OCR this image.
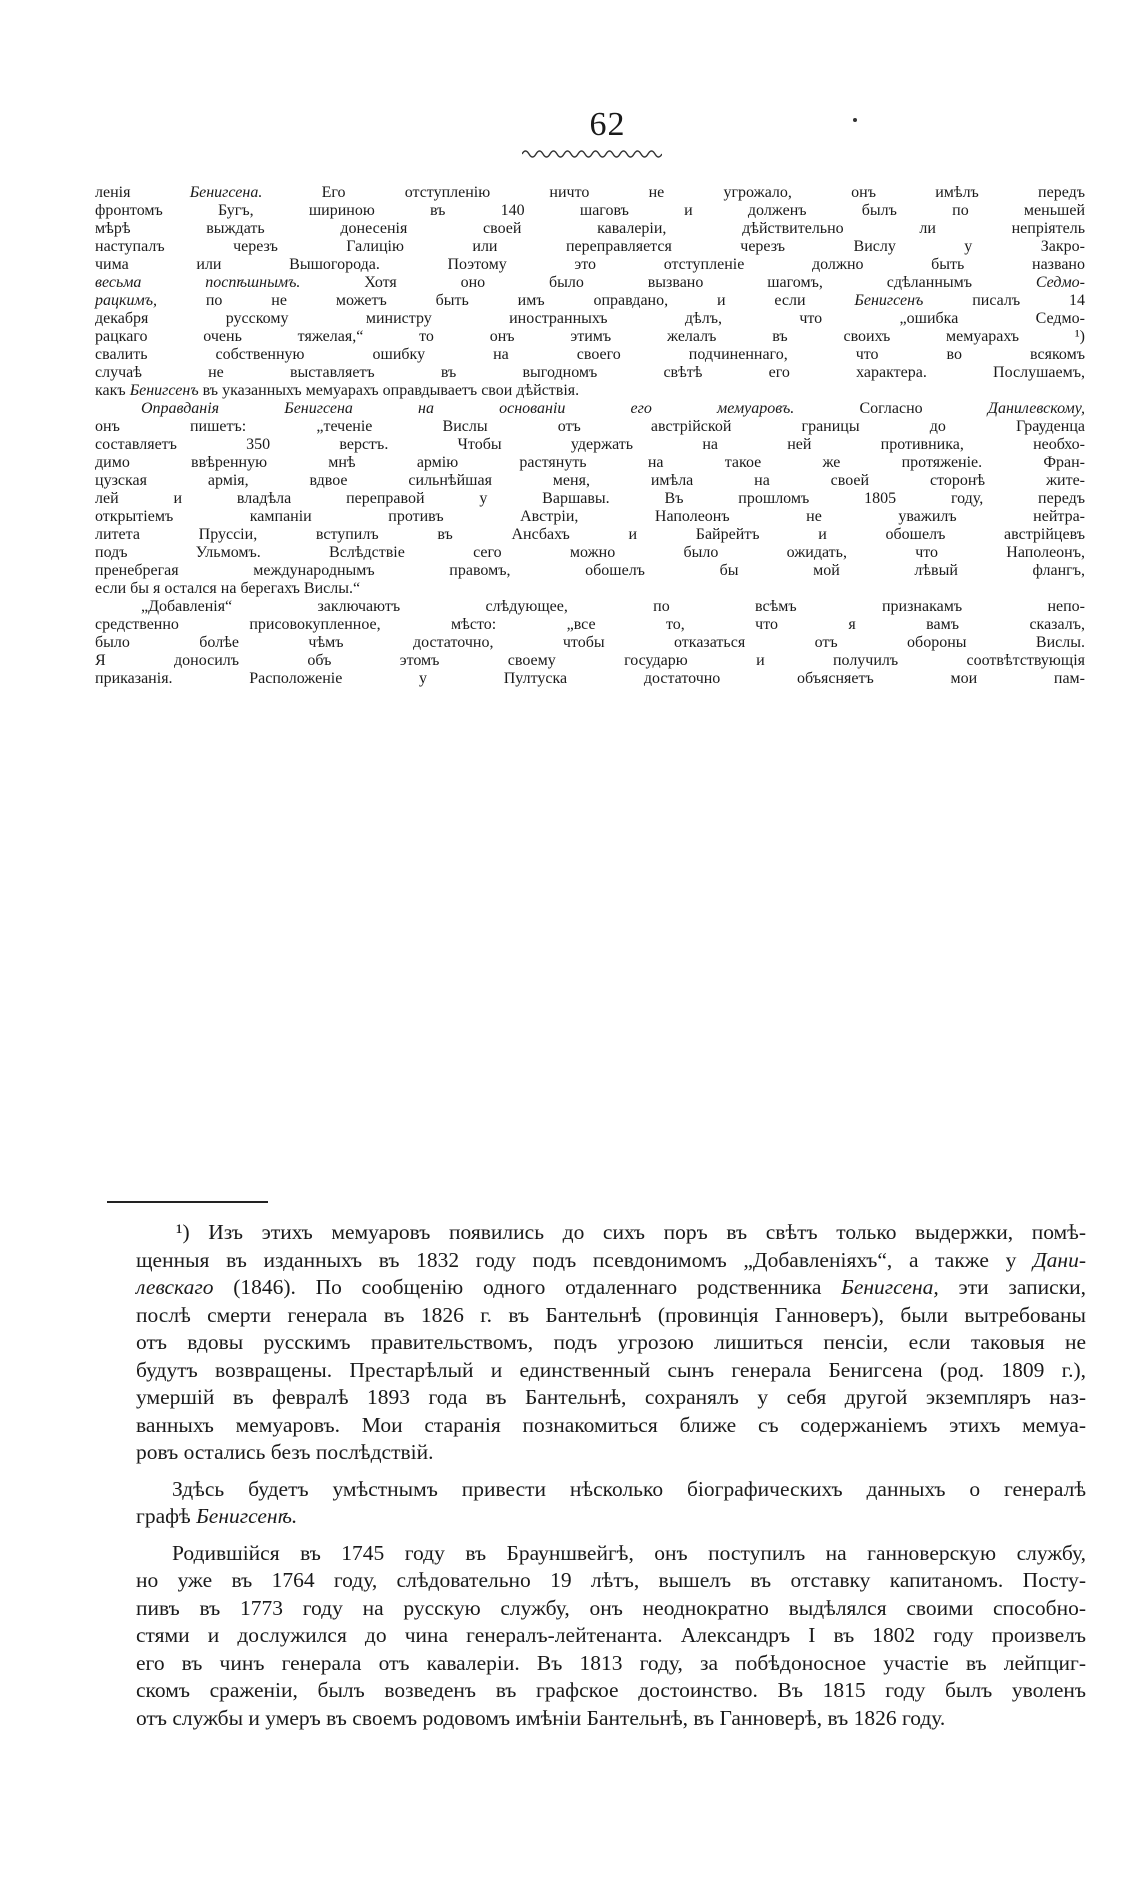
62
ленія Бенигсена. Его отступленію ничто не угрожало, онъ имѣлъ передъ
фронтомъ Бугъ, шириною въ 140 шаговъ и долженъ былъ по меньшей
мѣрѣ выждать донесенія своей кавалеріи, дѣйствительно ли непріятель
наступалъ черезъ Галицію или переправляется черезъ Вислу у Закро-
чима или Вышогорода. Поэтому это отступленіе должно быть названо
весьма поспѣшнымъ. Хотя оно было вызвано шагомъ, сдѣланнымъ Седмо-
рацкимъ, по не можетъ быть имъ оправдано, и если Бенигсенъ писалъ 14
декабря русскому министру иностранныхъ дѣлъ, что „ошибка Седмо-
рацкаго очень тяжелая,“ то онъ этимъ желалъ въ своихъ мемуарахъ ¹)
свалить собственную ошибку на своего подчиненнаго, что во всякомъ
случаѣ не выставляетъ въ выгодномъ свѣтѣ его характера. Послушаемъ,
какъ Бенигсенъ въ указанныхъ мемуарахъ оправдываетъ свои дѣйствія.
Оправданія Бенигсена на основаніи его мемуаровъ. Согласно Данилевскому,
онъ пишетъ: „теченіе Вислы отъ австрійской границы до Грауденца
составляетъ 350 верстъ. Чтобы удержать на ней противника, необхо-
димо ввѣренную мнѣ армію растянуть на такое же протяженіе. Фран-
цузская армія, вдвое сильнѣйшая меня, имѣла на своей сторонѣ жите-
лей и владѣла переправой у Варшавы. Въ прошломъ 1805 году, передъ
открытіемъ кампаніи противъ Австріи, Наполеонъ не уважилъ нейтра-
литета Пруссіи, вступилъ въ Ансбахъ и Байрейтъ и обошелъ австрійцевъ
подъ Ульмомъ. Вслѣдствіе сего можно было ожидать, что Наполеонъ,
пренебрегая международнымъ правомъ, обошелъ бы мой лѣвый флангъ,
если бы я остался на берегахъ Вислы.“
„Добавленія“ заключаютъ слѣдующее, по всѣмъ признакамъ непо-
средственно присовокупленное, мѣсто: „все то, что я вамъ сказалъ,
было болѣе чѣмъ достаточно, чтобы отказаться отъ обороны Вислы.
Я доносилъ объ этомъ своему государю и получилъ соотвѣтствующія
приказанія. Расположеніе у Пултуска достаточно объясняетъ мои пам-
¹) Изъ этихъ мемуаровъ появились до сихъ поръ въ свѣтъ только выдержки, помѣ-
щенныя въ изданныхъ въ 1832 году подъ псевдонимомъ „Добавленіяхъ“, а также у Дани-
левскаго (1846). По сообщенію одного отдаленнаго родственника Бенигсена, эти записки,
послѣ смерти генерала въ 1826 г. въ Бантельнѣ (провинція Ганноверъ), были вытребованы
отъ вдовы русскимъ правительствомъ, подъ угрозою лишиться пенсіи, если таковыя не
будутъ возвращены. Престарѣлый и единственный сынъ генерала Бенигсена (род. 1809 г.),
умершій въ февралѣ 1893 года въ Бантельнѣ, сохранялъ у себя другой экземпляръ наз-
ванныхъ мемуаровъ. Мои старанія познакомиться ближе съ содержаніемъ этихъ мемуа-
ровъ остались безъ послѣдствій.
Здѣсь будетъ умѣстнымъ привести нѣсколько біографическихъ данныхъ о генералѣ
графѣ Бенигсенѣ.
Родившійся въ 1745 году въ Брауншвейгѣ, онъ поступилъ на ганноверскую службу,
но уже въ 1764 году, слѣдовательно 19 лѣтъ, вышелъ въ отставку капитаномъ. Посту-
пивъ въ 1773 году на русскую службу, онъ неоднократно выдѣлялся своими способно-
стями и дослужился до чина генералъ-лейтенанта. Александръ I въ 1802 году произвелъ
его въ чинъ генерала отъ кавалеріи. Въ 1813 году, за побѣдоносное участіе въ лейпциг-
скомъ сраженіи, былъ возведенъ въ графское достоинство. Въ 1815 году былъ уволенъ
отъ службы и умеръ въ своемъ родовомъ имѣніи Бантельнѣ, въ Ганноверѣ, въ 1826 году.
